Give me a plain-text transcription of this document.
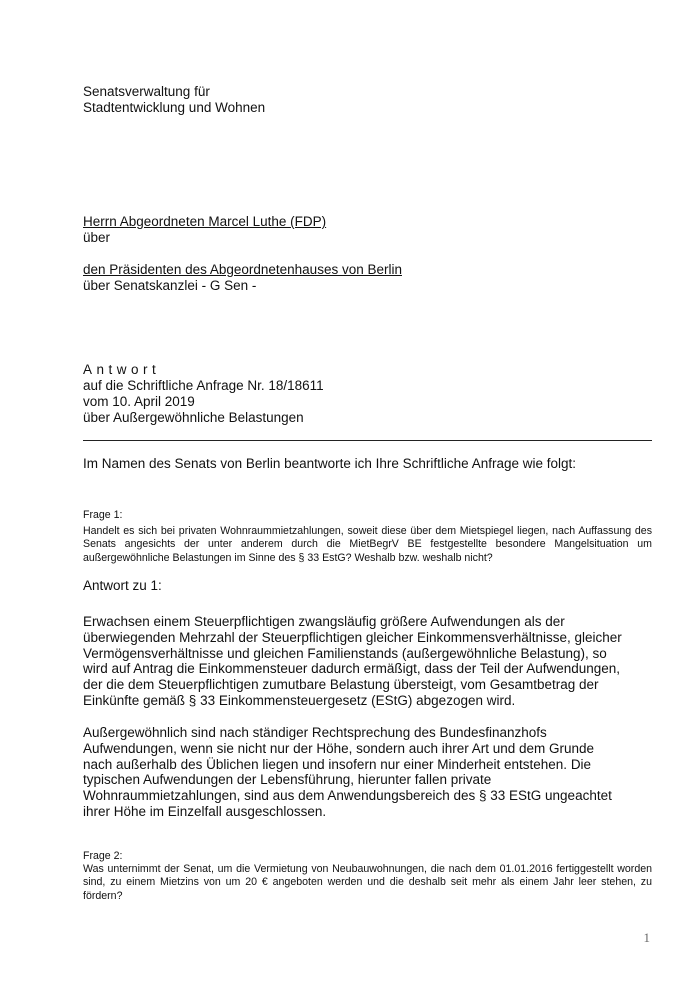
Senatsverwaltung für
Stadtentwicklung und Wohnen
Herrn Abgeordneten Marcel Luthe (FDP)
über
den Präsidenten des Abgeordnetenhauses von Berlin
über Senatskanzlei - G Sen -
Antwort
auf die Schriftliche Anfrage Nr. 18/18611
vom 10. April 2019
über Außergewöhnliche Belastungen
Im Namen des Senats von Berlin beantworte ich Ihre Schriftliche Anfrage wie folgt:

Frage 1:

Handelt es sich bei privaten Wohnraummietzahlungen, soweit diese über dem Mietspiegel liegen, nach Auffassung des Senats angesichts der unter anderem durch die MietBegrV BE festgestellte besondere Mangelsituation um außergewöhnliche Belastungen im Sinne des § 33 EstG? Weshalb bzw. weshalb nicht?

Antwort zu 1:
Erwachsen einem Steuerpflichtigen zwangsläufig größere Aufwendungen als der
überwiegenden Mehrzahl der Steuerpflichtigen gleicher Einkommensverhältnisse, gleicher
Vermögensverhältnisse und gleichen Familienstands (außergewöhnliche Belastung), so
wird auf Antrag die Einkommensteuer dadurch ermäßigt, dass der Teil der Aufwendungen,
der die dem Steuerpflichtigen zumutbare Belastung übersteigt, vom Gesamtbetrag der
Einkünfte gemäß § 33 Einkommensteuergesetz (EStG) abgezogen wird.
Außergewöhnlich sind nach ständiger Rechtsprechung des Bundesfinanzhofs
Aufwendungen, wenn sie nicht nur der Höhe, sondern auch ihrer Art und dem Grunde
nach außerhalb des Üblichen liegen und insofern nur einer Minderheit entstehen. Die
typischen Aufwendungen der Lebensführung, hierunter fallen private
Wohnraummietzahlungen, sind aus dem Anwendungsbereich des § 33 EStG ungeachtet
ihrer Höhe im Einzelfall ausgeschlossen.

Frage 2:

Was unternimmt der Senat, um die Vermietung von Neubauwohnungen, die nach dem 01.01.2016 fertiggestellt worden sind, zu einem Mietzins von um 20 € angeboten werden und die deshalb seit mehr als einem Jahr leer stehen, zu fördern?

1
